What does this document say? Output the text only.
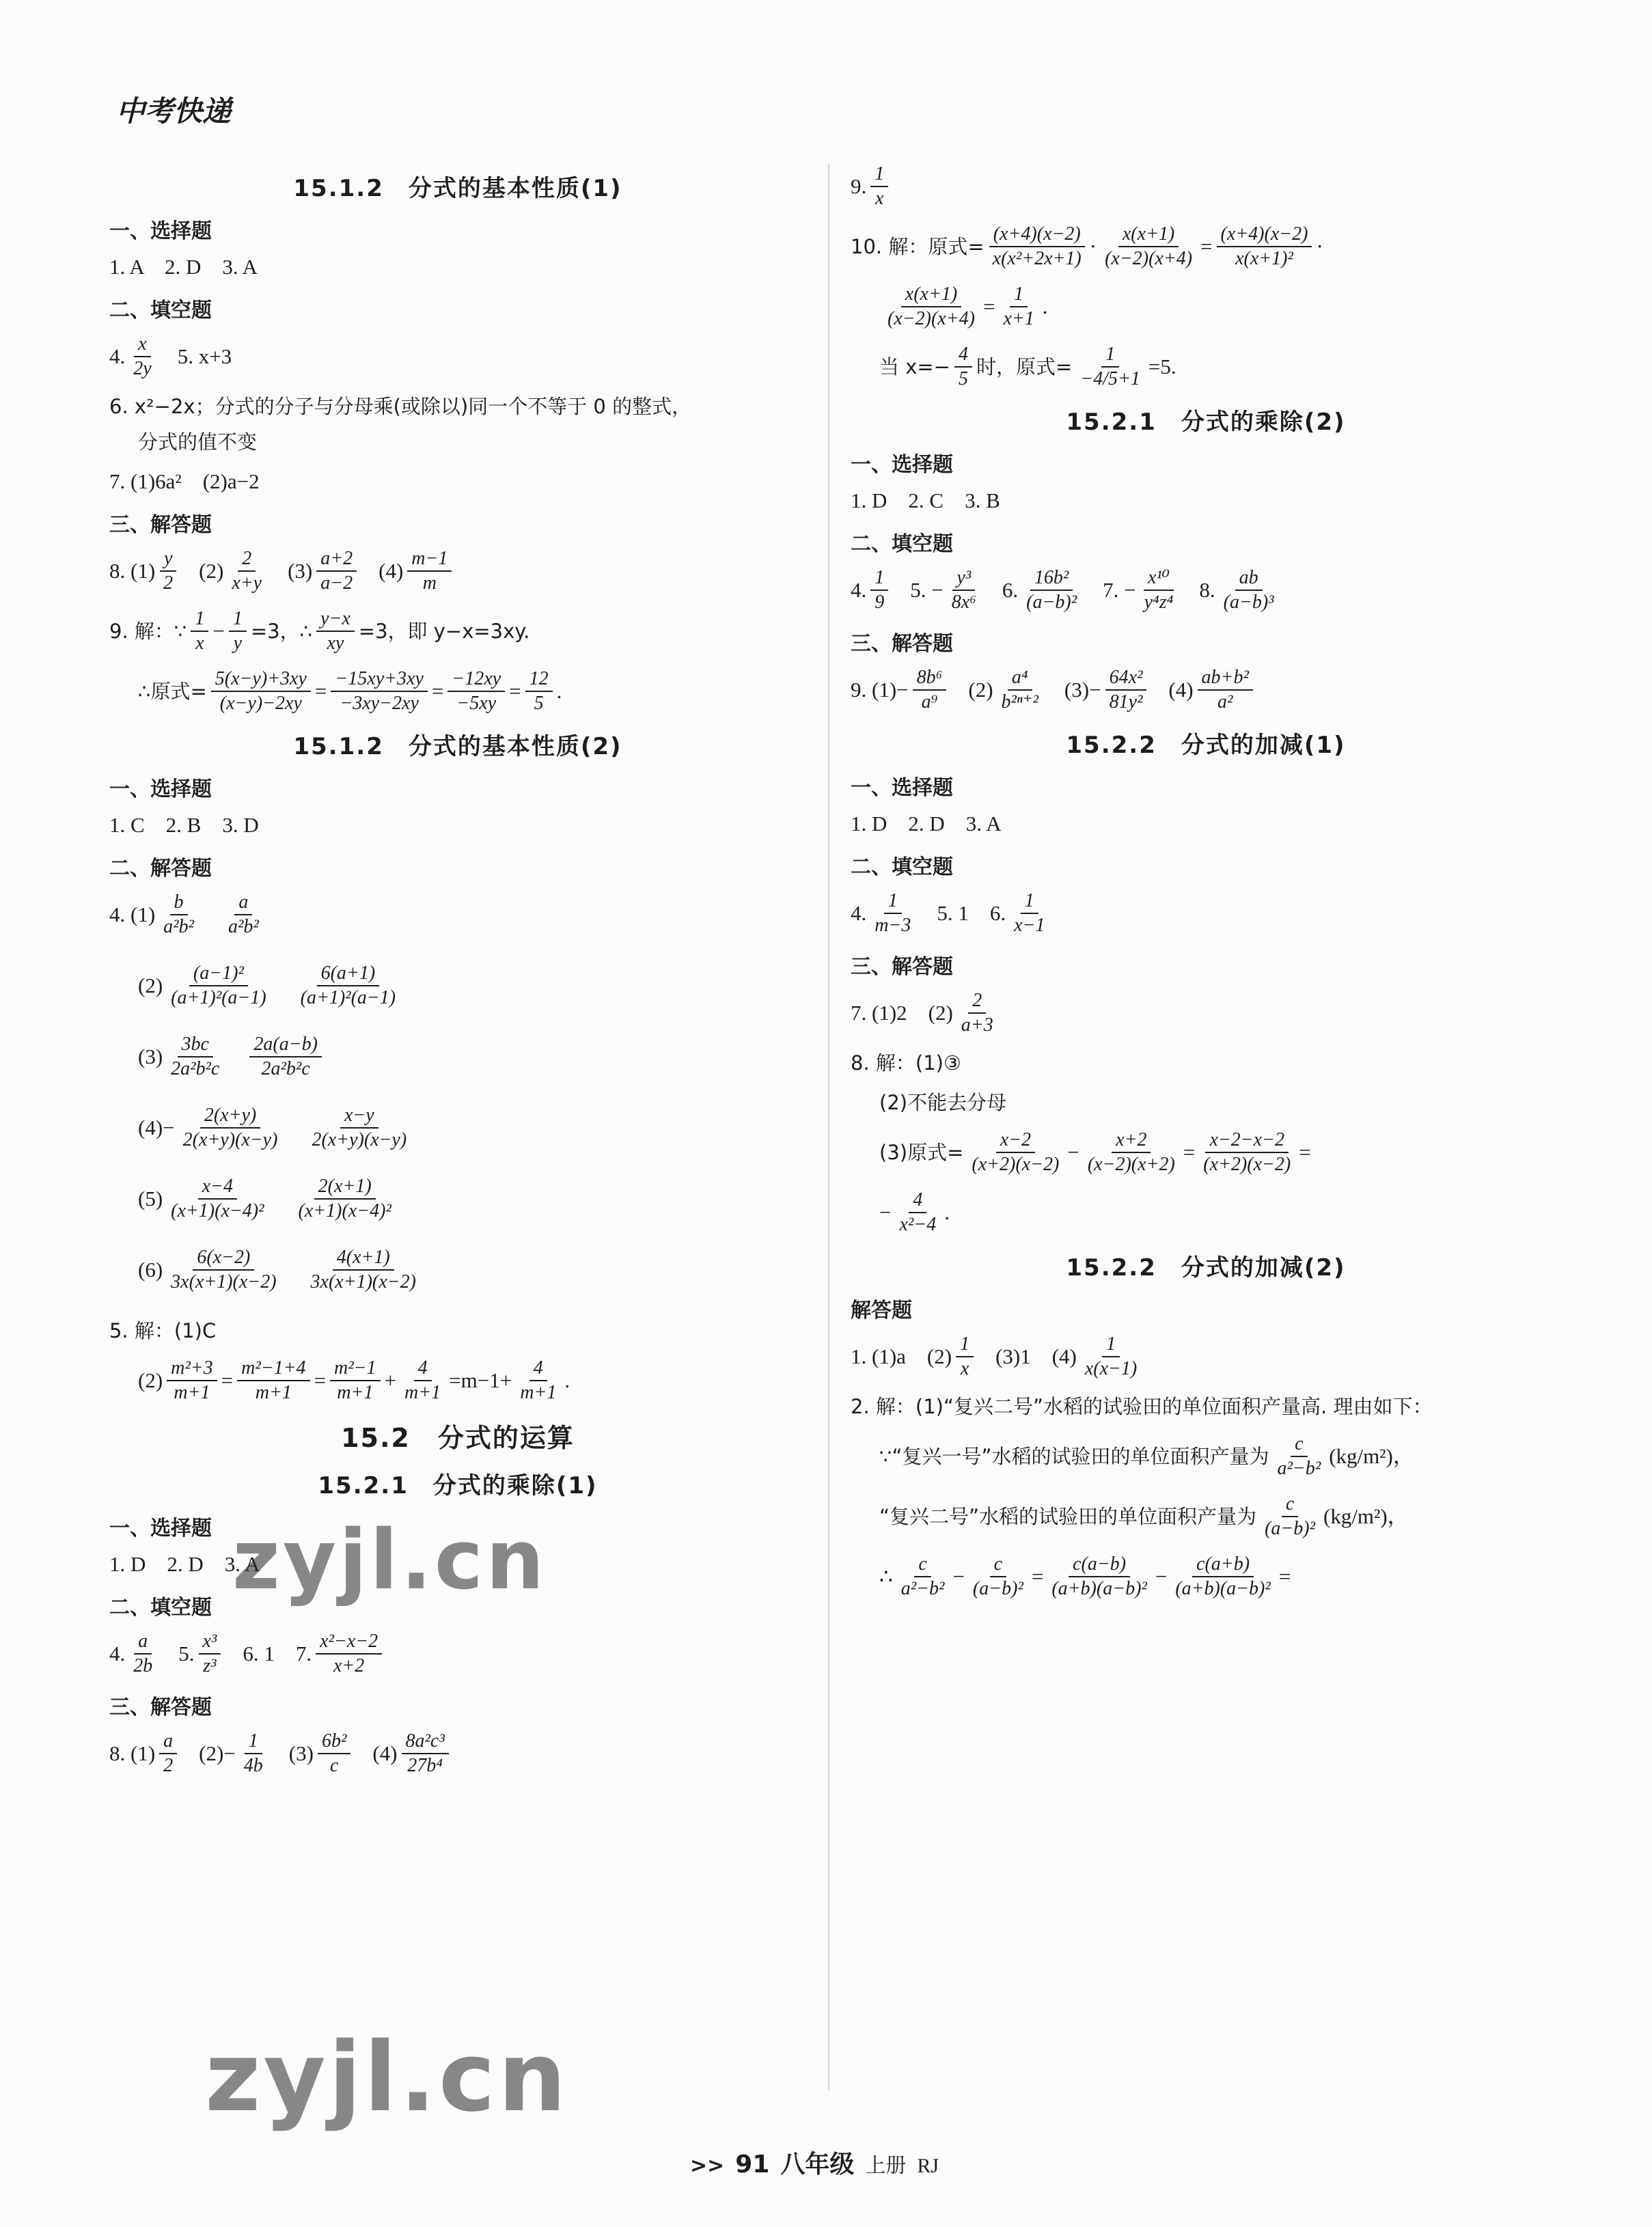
中考快递
15.1.2　分式的基本性质(1)
一、选择题
1. A　2. D　3. A
二、填空题
4. $\frac{x}{2y} 5$. x+3
6. x²−2x；分式的分子与分母乘(或除以)同一个不等于 0 的整式，
分式的值不变
7. (1)6a²　(2)a−2
三、解答题
8. $(1) \frac{y}{2} (2) \frac{2}{x+y} (3) \frac{a+2}{a-2} (4) \frac{m-1}{m}$
9. 解：∵ $\frac{1}{x} - \frac{1}{y} =3$，∴ $\frac{y-x}{xy} =3$，即 y−x=3xy.
∴原式= $\frac{5(x-y)+3xy}{(x-y)-2xy} = \frac{-15xy+3xy}{-3xy-2xy} = \frac{-12xy}{-5xy} = \frac{12}{5}$ .
15.1.2　分式的基本性质(2)
一、选择题
1. C　2. B　3. D
二、解答题
4. $(1) \frac{b}{\text{a²b²}} \frac{a}{\text{a²b²}}$
$(2) \frac{\text{(a−1)²}}{\text{(a+1)²(a−1)}} \frac{6(a+1)}{\text{(a+1)²(a−1)}}$
$(3) \frac{3bc}{\text{2a²b²c}} \frac{2a(a-b)}{\text{2a²b²c}}$
$(4)- \frac{2(x+y)}{2(x+y)(x-y)} \frac{x-y}{2(x+y)(x-y)}$
$(5) \frac{x-4}{\text{(x+1)(x−4)²}} \frac{2(x+1)}{\text{(x+1)(x−4)²}}$
$(6) \frac{6(x-2)}{3x(x+1)(x-2)} \frac{4(x+1)}{3x(x+1)(x-2)}$
5. 解：(1)C
$(2) \frac{\text{m²+3}}{m+1} = \frac{\text{m²−1+4}}{m+1} = \frac{\text{m²−1}}{m+1} + \frac{4}{m+1} =m-1+ \frac{4}{m+1}$ .
15.2　分式的运算
15.2.1　分式的乘除(1)
一、选择题
1. D　2. D　3. A
二、填空题
4. $\frac{a}{2b} 5$. $\frac{\text{x³}}{\text{z³}} 6$. 1　7. $\frac{\text{x²−x−2}}{x+2}$
三、解答题
8. $(1) \frac{a}{2} (2)- \frac{1}{4b} (3) \frac{\text{6b²}}{c} (4) \frac{\text{8a²c³}}{\text{27b⁴}}$
9. $\frac{1}{x}$
10. 解：原式= $\frac{(x+4)(x-2)}{\text{x(x²+2x+1)}} \cdot \frac{x(x+1)}{(x-2)(x+4)} = \frac{(x+4)(x-2)}{\text{x(x+1)²}}$ ·
$\frac{x(x+1)}{(x-2)(x+4)} = \frac{1}{x+1}$ .
当 $x=- \frac{4}{5}$ 时，原式= $\frac{1}{-4/5+1} =5$.
15.2.1　分式的乘除(2)
一、选择题
1. D　2. C　3. B
二、填空题
4. $\frac{1}{9} 5$. − $\frac{\text{y³}}{\text{8x⁶}} 6$. $\frac{\text{16b²}}{\text{(a−b)²}} 7$. − $\frac{\text{x¹⁰}}{\text{y⁴z⁴}} 8$. $\frac{ab}{\text{(a−b)³}}$
三、解答题
9. $(1)- \frac{\text{8b⁶}}{\text{a⁹}} (2) \frac{\text{a⁴}}{\text{b²ⁿ⁺²}} (3)- \frac{\text{64x²}}{\text{81y²}} (4) \frac{\text{ab+b²}}{\text{a²}}$
15.2.2　分式的加减(1)
一、选择题
1. D　2. D　3. A
二、填空题
4. $\frac{1}{m-3} 5$. 1　6. $\frac{1}{x-1}$
三、解答题
7. (1)2　$(2) \frac{2}{a+3}$
8. 解：(1)③
(2)不能去分母
(3)原式= $\frac{x-2}{(x+2)(x-2)} - \frac{x+2}{(x-2)(x+2)} = \frac{x-2-x-2}{(x+2)(x-2)}$ =
− $\frac{4}{\text{x²−4}}$ .
15.2.2　分式的加减(2)
解答题
1. (1)a　$(2) \frac{1}{x} (3)1$　$(4) \frac{1}{x(x-1)}$
2. 解：(1)“复兴二号”水稻的试验田的单位面积产量高. 理由如下：
∵“复兴一号”水稻的试验田的单位面积产量为 $\frac{c}{\text{a²−b²}} (kg/m^2)$，
“复兴二号”水稻的试验田的单位面积产量为 $\frac{c}{\text{(a−b)²}} (kg/m^2)$，
∴ $\frac{c}{\text{a²−b²}} - \frac{c}{\text{(a−b)²}} = \frac{c(a-b)}{\text{(a+b)(a−b)²}} - \frac{c(a+b)}{\text{(a+b)(a−b)²}}$ =
zyjl.cn
zyjl.cn
>> 91 八年级 上册 RJ
